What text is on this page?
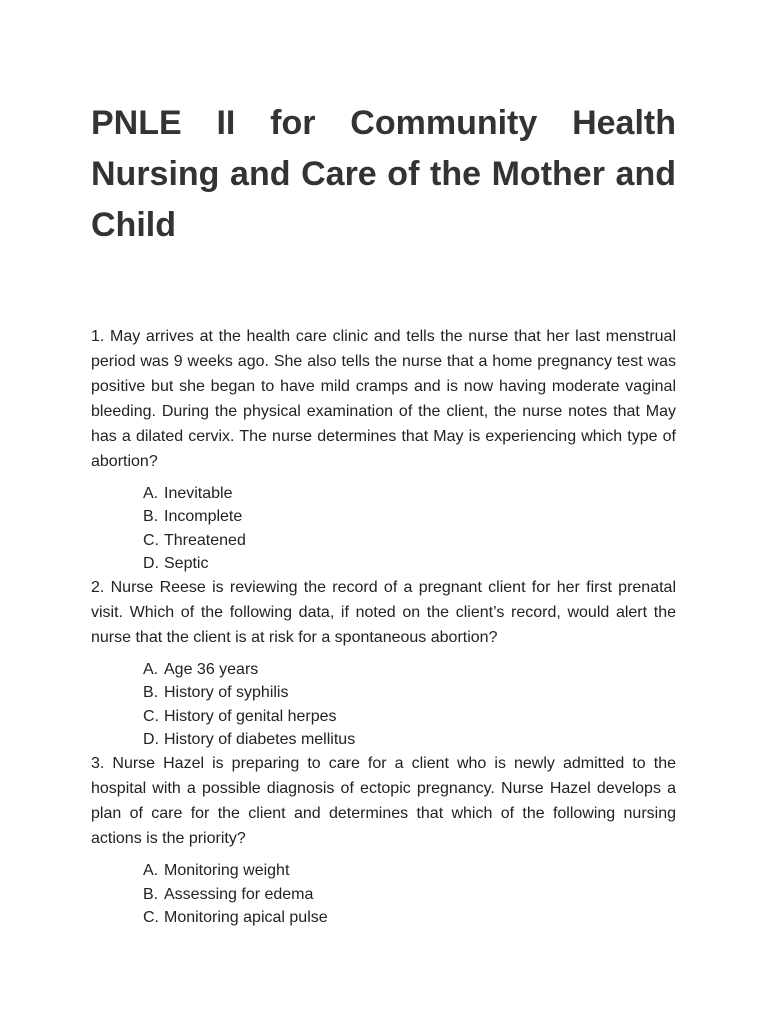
PNLE II for Community Health Nursing and Care of the Mother and Child

1. May arrives at the health care clinic and tells the nurse that her last menstrual period was 9 weeks ago. She also tells the nurse that a home pregnancy test was positive but she began to have mild cramps and is now having moderate vaginal bleeding. During the physical examination of the client, the nurse notes that May has a dilated cervix. The nurse determines that May is experiencing which type of abortion?

A. Inevitable
B. Incomplete
C. Threatened
D. Septic

2. Nurse Reese is reviewing the record of a pregnant client for her first prenatal visit. Which of the following data, if noted on the client’s record, would alert the nurse that the client is at risk for a spontaneous abortion?

A. Age 36 years
B. History of syphilis
C. History of genital herpes
D. History of diabetes mellitus

3. Nurse Hazel is preparing to care for a client who is newly admitted to the hospital with a possible diagnosis of ectopic pregnancy. Nurse Hazel develops a plan of care for the client and determines that which of the following nursing actions is the priority?

A. Monitoring weight
B. Assessing for edema
C. Monitoring apical pulse
